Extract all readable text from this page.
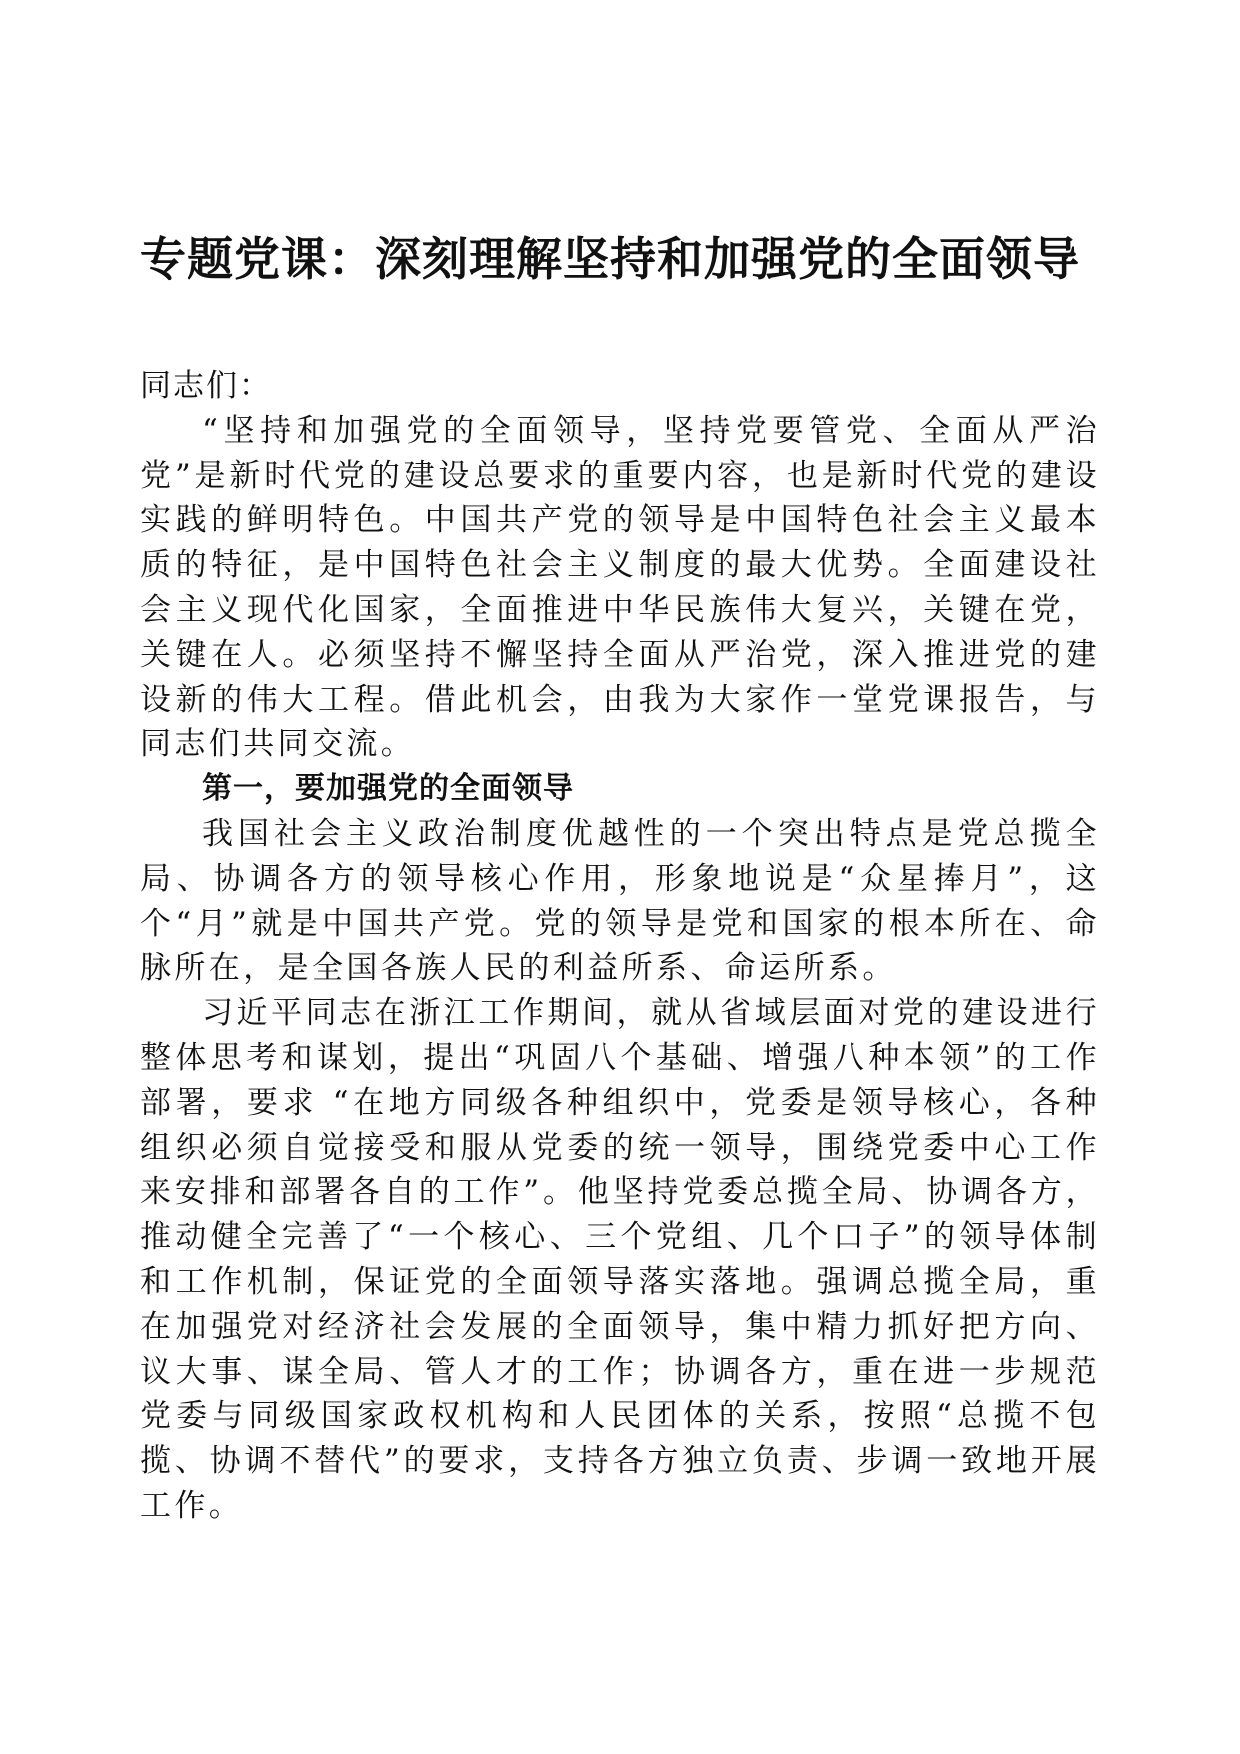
专题党课：深刻理解坚持和加强党的全面领导

同志们：

“坚持和加强党的全面领导，坚持党要管党、全面从严治党”是新时代党的建设总要求的重要内容，也是新时代党的建设实践的鲜明特色。中国共产党的领导是中国特色社会主义最本质的特征，是中国特色社会主义制度的最大优势。全面建设社会主义现代化国家，全面推进中华民族伟大复兴，关键在党，关键在人。必须坚持不懈坚持全面从严治党，深入推进党的建设新的伟大工程。借此机会，由我为大家作一堂党课报告，与同志们共同交流。

第一，要加强党的全面领导

我国社会主义政治制度优越性的一个突出特点是党总揽全局、协调各方的领导核心作用，形象地说是“众星捧月”，这个“月”就是中国共产党。党的领导是党和国家的根本所在、命脉所在，是全国各族人民的利益所系、命运所系。

习近平同志在浙江工作期间，就从省域层面对党的建设进行整体思考和谋划，提出“巩固八个基础、增强八种本领”的工作部署，要求 “在地方同级各种组织中，党委是领导核心，各种组织必须自觉接受和服从党委的统一领导，围绕党委中心工作来安排和部署各自的工作”。他坚持党委总揽全局、协调各方，推动健全完善了“一个核心、三个党组、几个口子”的领导体制和工作机制，保证党的全面领导落实落地。强调总揽全局，重在加强党对经济社会发展的全面领导，集中精力抓好把方向、议大事、谋全局、管人才的工作；协调各方，重在进一步规范党委与同级国家政权机构和人民团体的关系，按照“总揽不包揽、协调不替代”的要求，支持各方独立负责、步调一致地开展工作。
